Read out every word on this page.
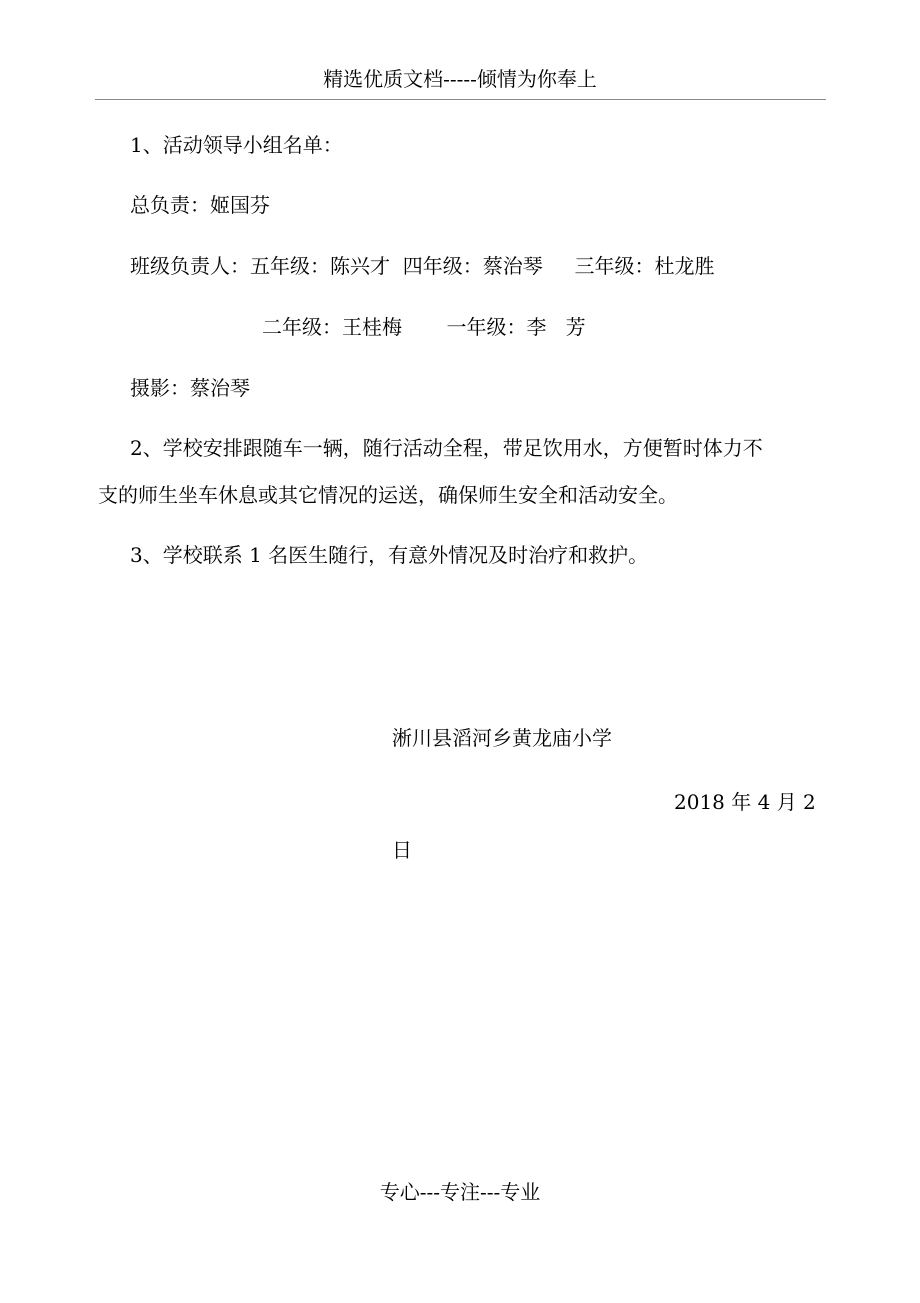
精选优质文档-----倾情为你奉上
1、活动领导小组名单：
总负责：姬国芬
班级负责人：五年级：陈兴才  四年级：蔡治琴     三年级：杜龙胜
二年级：王桂梅       一年级：李   芳
摄影：蔡治琴
2、学校安排跟随车一辆，随行活动全程，带足饮用水，方便暂时体力不
支的师生坐车休息或其它情况的运送，确保师生安全和活动安全。
3、学校联系 1 名医生随行，有意外情况及时治疗和救护。
淅川县滔河乡黄龙庙小学
2018 年 4 月 2
日
专心---专注---专业
